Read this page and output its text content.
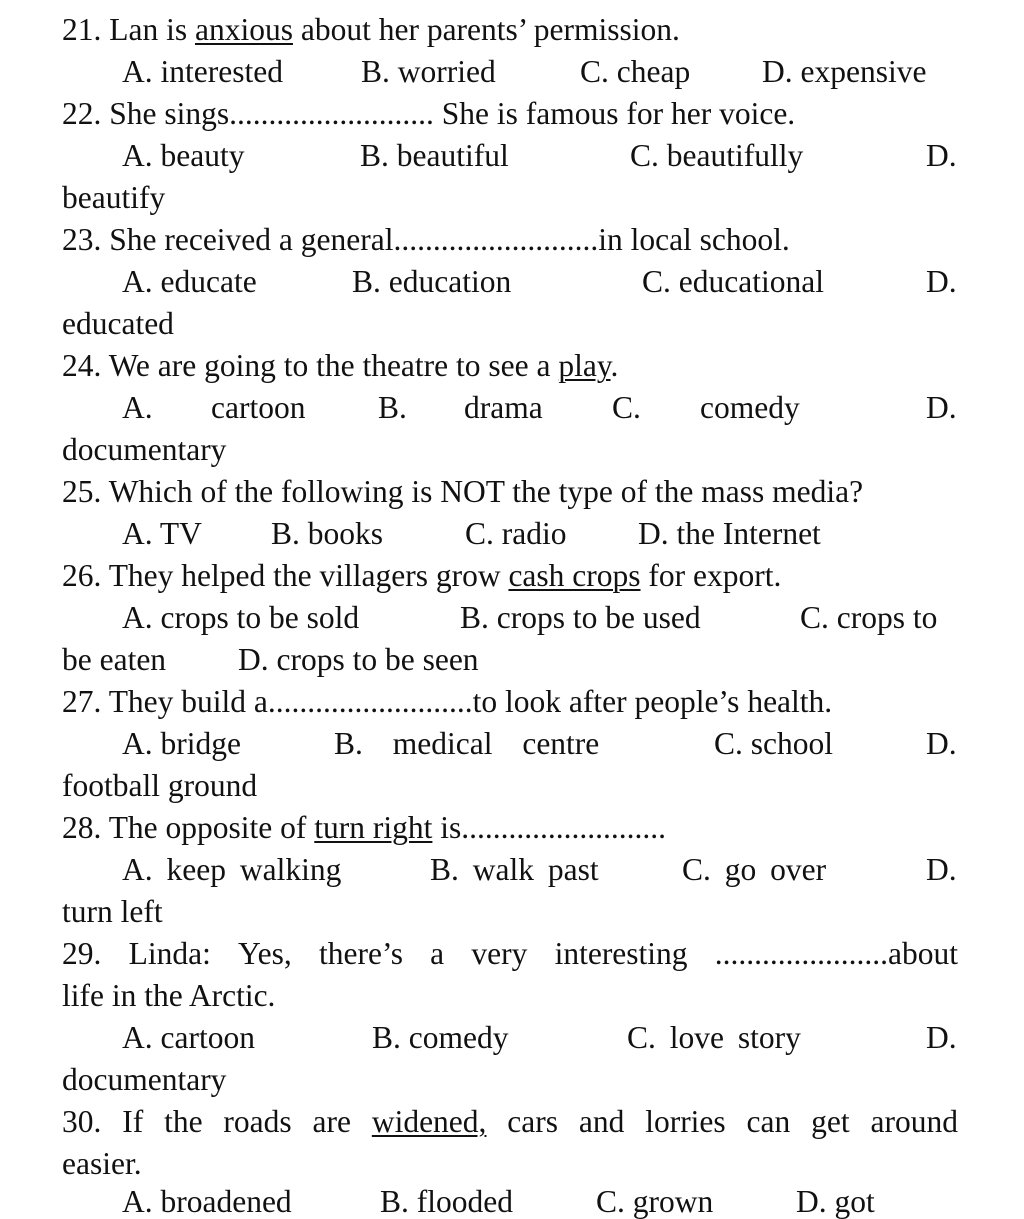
21. Lan is anxious about her parents’ permission.
A. interested B. worried	C. cheap D. expensive
22. She sings.......................... She is famous for her voice.
A. beauty	B. beautiful	C. beautifully	D.
beautify
23. She received a general..........................in local school.
A. educate	B. education	C. educational	D.
educated
24. We are going to the theatre to see a play.
A. cartoon B. drama C. comedy	D.
documentary
25. Which of the following is NOT the type of the mass media?
A. TV B. books	C. radio D. the Internet
26. They helped the villagers grow cash crops for export.
A. crops to be sold	B. crops to be used	C. crops to
be eaten D. crops to be seen
27. They build a..........................to look after people’s health.
A. bridge	B. medical centre	C. school	D.
football ground
28. The opposite of turn right is..........................
A. keep walking	B. walk past	C. go over	D.
turn left
29. Linda: Yes, there’s a very interesting ......................about
life in the Arctic.
A. cartoon	B. comedy	C. love story	D.
documentary
30. If the roads are widened, cars and lorries can get around
easier.
A. broadened	B. flooded	C. grown	D. got
